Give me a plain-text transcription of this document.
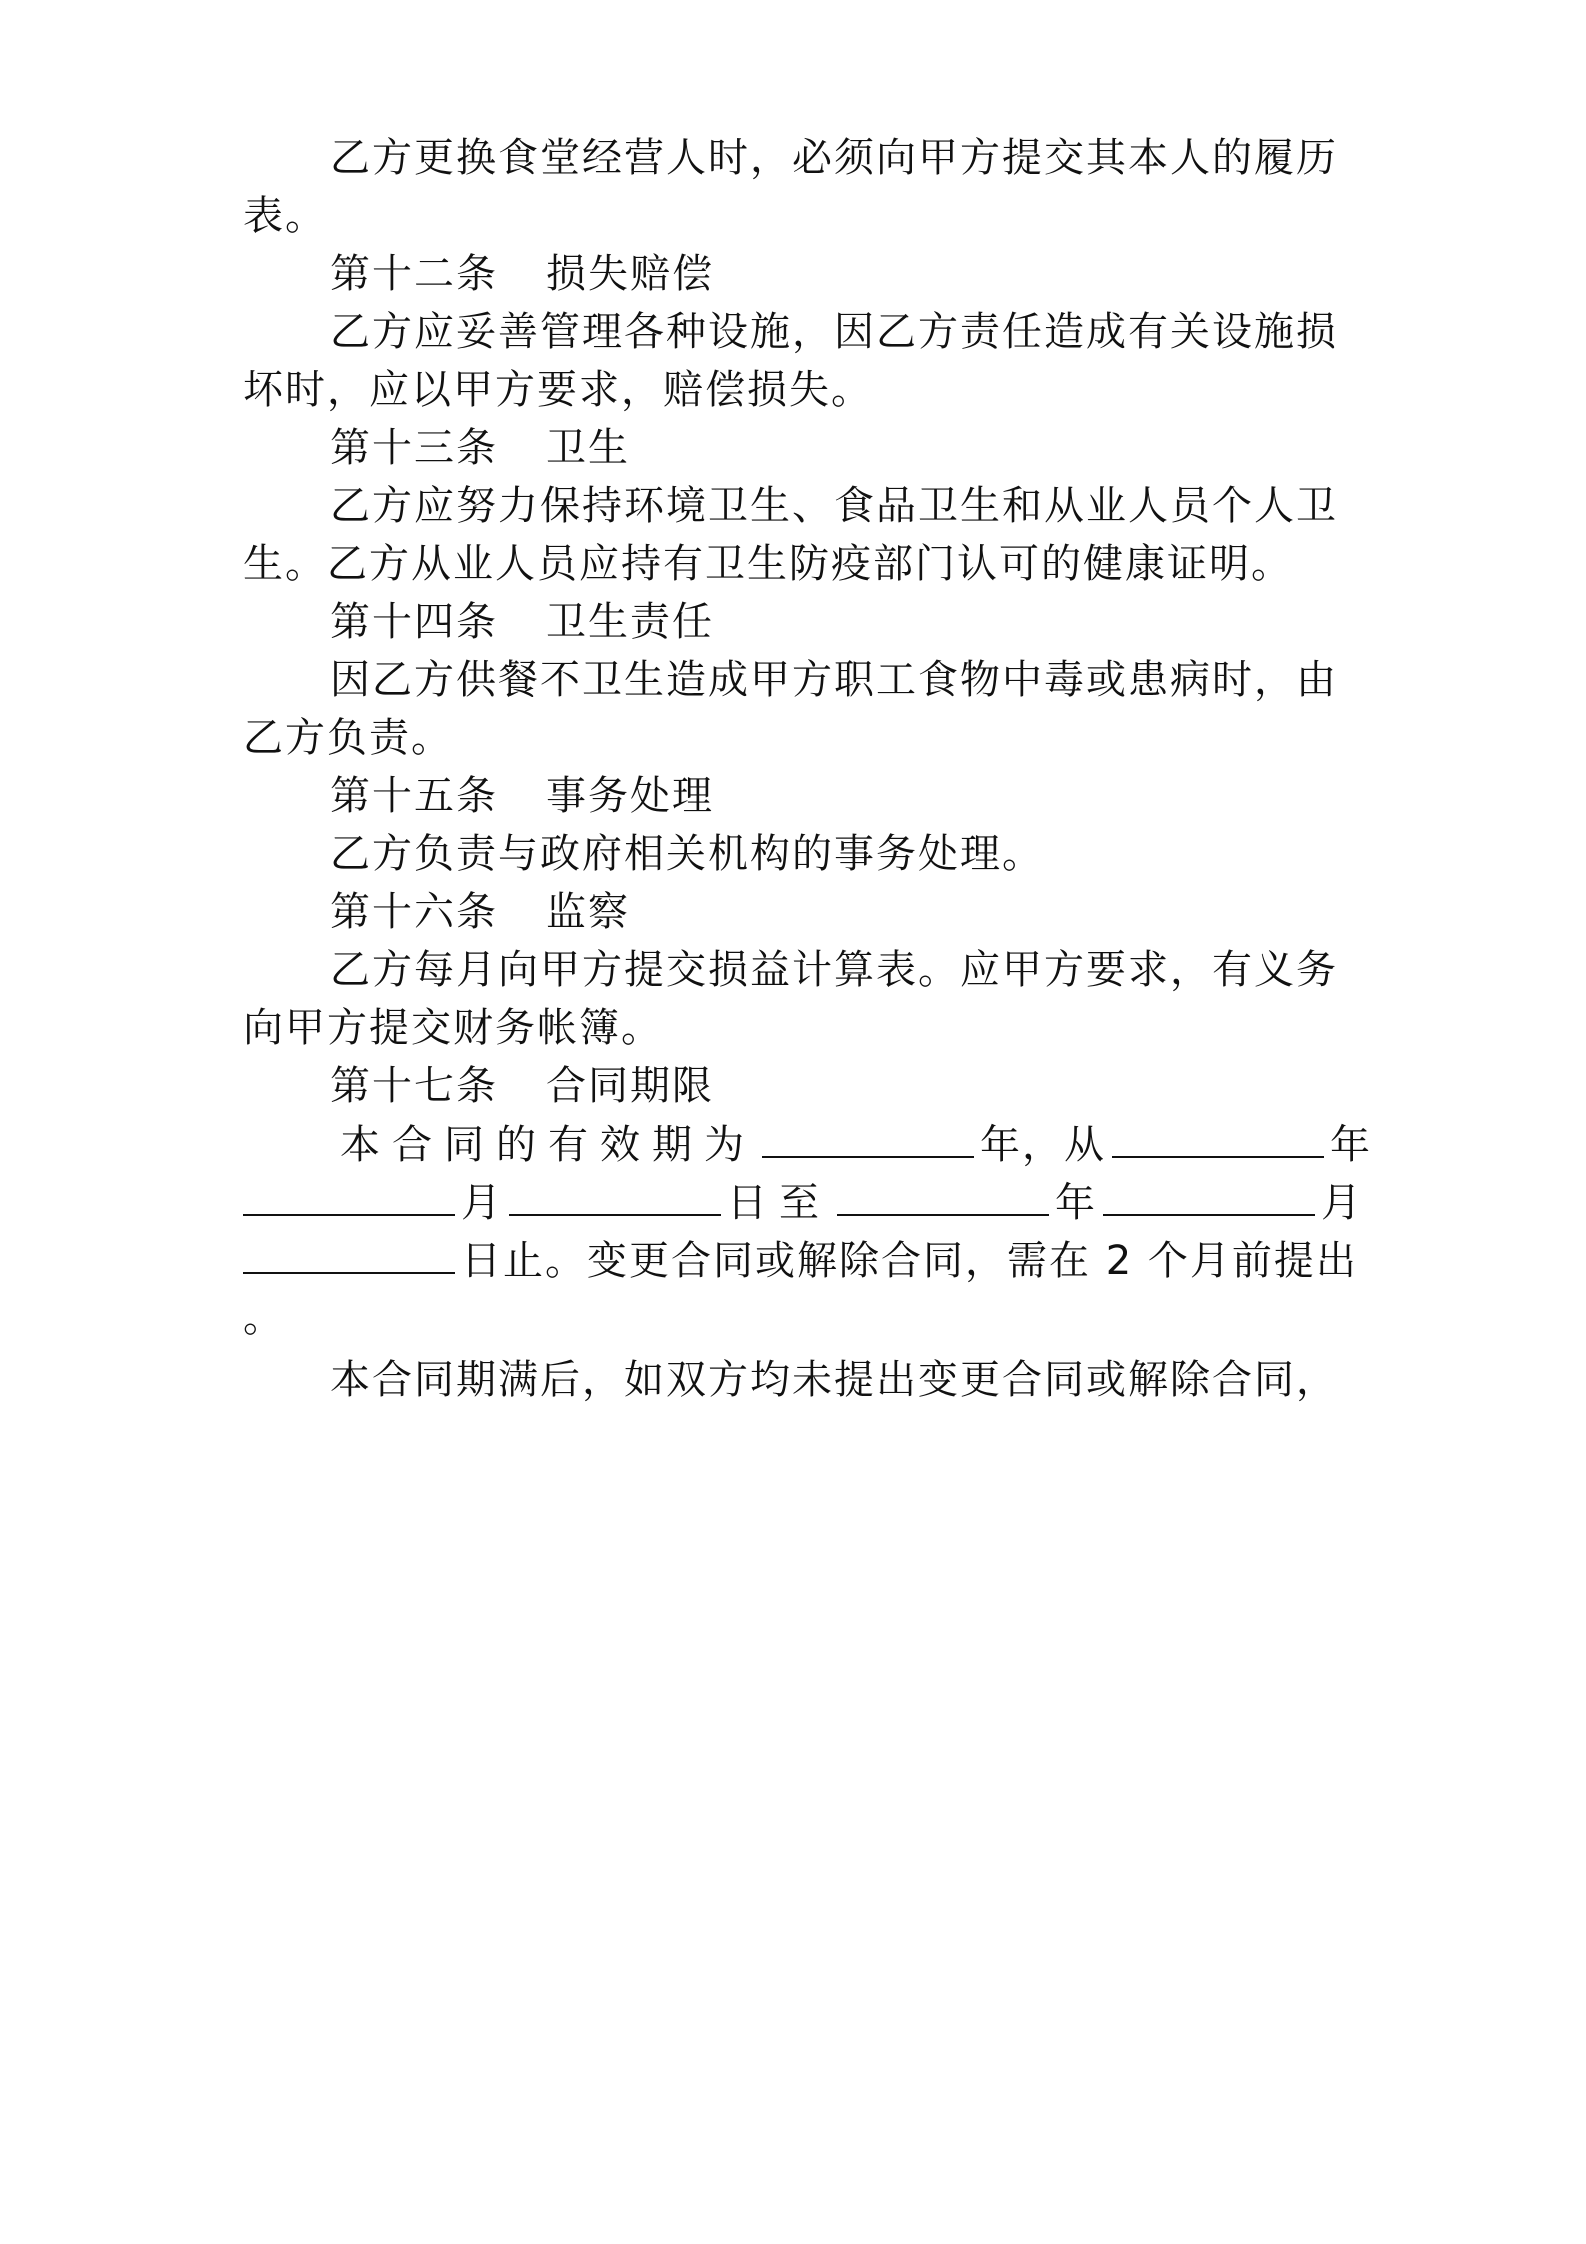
乙方更换食堂经营人时，必须向甲方提交其本人的履历
表。
第十二条 损失赔偿
乙方应妥善管理各种设施，因乙方责任造成有关设施损
坏时，应以甲方要求，赔偿损失。
第十三条 卫生
乙方应努力保持环境卫生、食品卫生和从业人员个人卫
生。乙方从业人员应持有卫生防疫部门认可的健康证明。
第十四条 卫生责任
因乙方供餐不卫生造成甲方职工食物中毒或患病时，由
乙方负责。
第十五条 事务处理
乙方负责与政府相关机构的事务处理。
第十六条 监察
乙方每月向甲方提交损益计算表。应甲方要求，有义务
向甲方提交财务帐簿。
第十七条 合同期限
本合同的有效期为	年，从	年
月	日至	年	月
日止。变更合同或解除合同，需在 2 个月前提出
。
本合同期满后，如双方均未提出变更合同或解除合同，
